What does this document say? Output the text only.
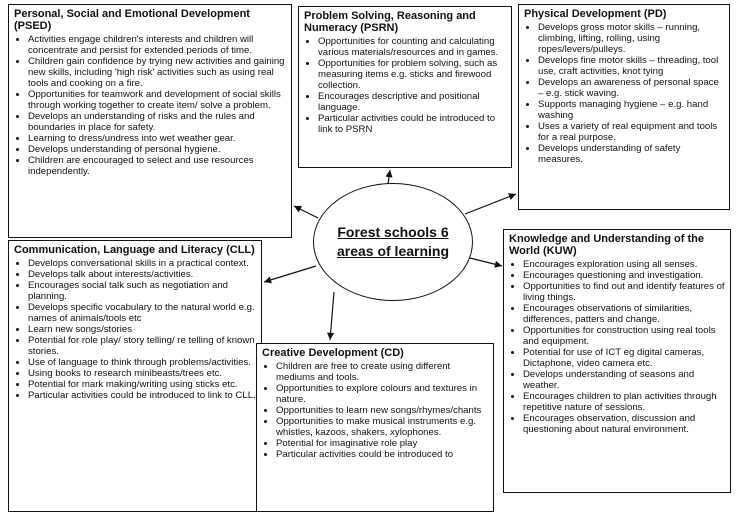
Personal, Social and Emotional Development (PSED)
• Activities engage children's interests and children will concentrate and persist for extended periods of time.
• Children gain confidence by trying new activities and gaining new skills, including 'high risk' activities such as using real tools and cooking on a fire.
• Opportunities for teamwork and development of social skills through working together to create item/ solve a problem.
• Develops an understanding of risks and the rules and boundaries in place for safety.
• Learning to dress/undress into wet weather gear.
• Develops understanding of personal hygiene.
• Children are encouraged to select and use resources independently.
Problem Solving, Reasoning and Numeracy (PSRN)
• Opportunities for counting and calculating various materials/resources and in games.
• Opportunities for problem solving, such as measuring items e.g. sticks and firewood collection.
• Encourages descriptive and positional language.
• Particular activities could be introduced to link to PSRN
Physical Development (PD)
• Develops gross motor skills – running, climbing, lifting, rolling, using ropes/levers/pulleys.
• Develops fine motor skills – threading, tool use, craft activities, knot tying
• Develops an awareness of personal space – e.g. stick waving.
• Supports managing hygiene – e.g. hand washing
• Uses a variety of real equipment and tools for a real purpose.
• Develops understanding of safety measures.
Communication, Language and Literacy (CLL)
• Develops conversational skills in a practical context.
• Develops talk about interests/activities.
• Encourages social talk such as negotiation and planning.
• Develops specific vocabulary to the natural world e.g. names of animals/tools etc
• Learn new songs/stories
• Potential for role play/ story telling/ re telling of known stories.
• Use of language to think through problems/activities.
• Using books to research minibeasts/trees etc.
• Potential for mark making/writing using sticks etc.
• Particular activities could be introduced to link to CLL.
Knowledge and Understanding of the World (KUW)
• Encourages exploration using all senses.
• Encourages questioning and investigation.
• Opportunities to find out and identify features of living things.
• Encourages observations of similarities, differences, patters and change.
• Opportunities for construction using real tools and equipment.
• Potential for use of ICT eg digital cameras, Dictaphone, video camera etc.
• Develops understanding of seasons and weather.
• Encourages children to plan activities through repetitive nature of sessions.
• Encourages observation, discussion and questioning about natural environment.
Creative Development (CD)
• Children are free to create using different mediums and tools.
• Opportunities to explore colours and textures in nature.
• Opportunities to learn new songs/rhymes/chants
• Opportunities to make musical instruments e.g. whistles, kazoos, shakers, xylophones.
• Potential for imaginative role play
• Particular activities could be introduced to
Forest schools 6 areas of learning
